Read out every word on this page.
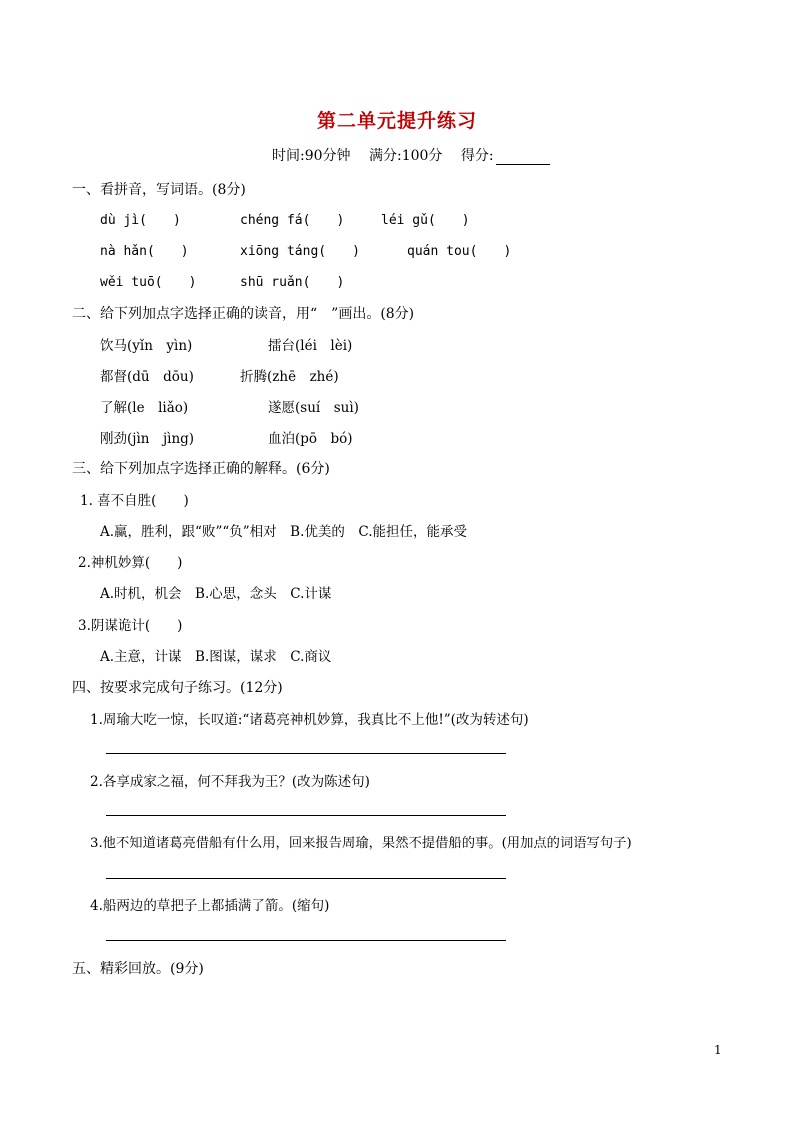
第二单元提升练习
时间:90分钟 满分:100分 得分:
一、看拼音，写词语。(8分)
dù jì(　　)	chéng fá(　　)	léi gǔ(　　)
nà hǎn(　　)	xiōng táng(　　)	quán tou(　　)
wěi tuō(　　)	shū ruǎn(　　)
二、给下列加点字选择正确的读音，用“　”画出。(8分)
饮马(yǐn　yìn)	擂台(léi　lèi)
都督(dū　dōu)	折腾(zhē　zhé)
了解(le　liǎo)	遂愿(suí　suì)
刚劲(jìn　jìng)	血泊(pō　bó)
三、给下列加点字选择正确的解释。(6分)
1. 喜不自胜(　　)
A.赢，胜利，跟“败”“负”相对　B.优美的　C.能担任，能承受
2.神机妙算(　　)
A.时机，机会　B.心思，念头　C.计谋
3.阴谋诡计(　　)
A.主意，计谋　B.图谋，谋求　C.商议
四、按要求完成句子练习。(12分)
1.周瑜大吃一惊，长叹道:“诸葛亮神机妙算，我真比不上他!”(改为转述句)
2.各享成家之福，何不拜我为王？(改为陈述句)
3.他不知道诸葛亮借船有什么用，回来报告周瑜，果然不提借船的事。(用加点的词语写句子)
4.船两边的草把子上都插满了箭。(缩句)
五、精彩回放。(9分)
1
